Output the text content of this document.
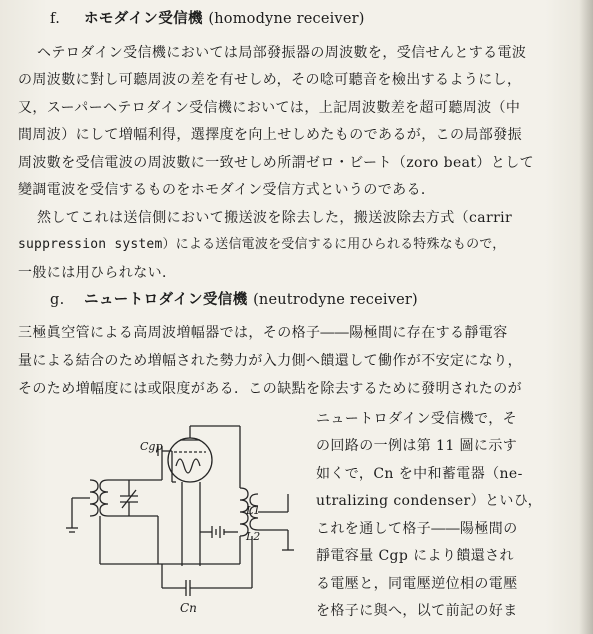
f. ホモダイン受信機 (homodyne receiver)
ヘテロダイン受信機においては局部發振器の周波數を，受信せんとする電波
の周波數に對し可聽周波の差を有せしめ，その唸可聽音を檢出するようにし，
又，スーパーヘテロダイン受信機においては，上記周波數差を超可聽周波（中
間周波）にして増幅利得，選擇度を向上せしめたものであるが，この局部發振
周波數を受信電波の周波數に一致せしめ所謂ゼロ・ビート（zoro beat）として
變調電波を受信するものをホモダイン受信方式というのである．
然してこれは送信側において搬送波を除去した，搬送波除去方式（carrir
suppression system）による送信電波を受信するに用ひられる特殊なもので，
一般には用ひられない．
g. ニュートロダイン受信機 (neutrodyne receiver)
三極眞空管による高周波増幅器では，その格子――陽極間に存在する靜電容
量による結合のため増幅された勢力が入力側へ饋還して働作が不安定になり，
そのため増幅度には或限度がある．この缺點を除去するために發明されたのが
ニュートロダイン受信機で，そ
の回路の一例は第 11 圖に示す
如くで，Cn を中和蓄電器（ne-
utralizing condenser）といひ，
これを通して格子――陽極間の
靜電容量 Cgp により饋還され
る電壓と，同電壓逆位相の電壓
を格子に與へ，以て前記の好ま
Cgp
L1
L2
Cn
